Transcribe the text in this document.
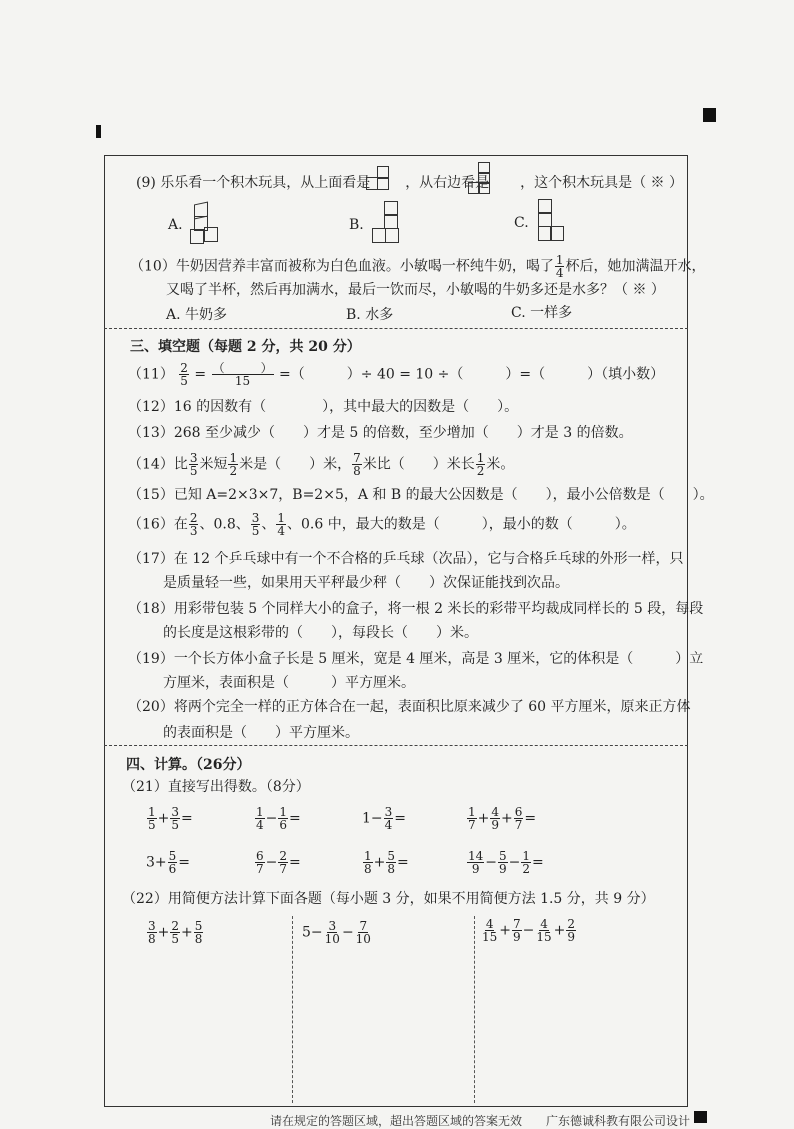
(9) 乐乐看一个积木玩具，从上面看是 ，从右边看是 ，这个积木玩具是（ ※ ）
A.	B.	C.
（10）牛奶因营养丰富而被称为白色血液。小敏喝一杯纯牛奶，喝了 $\frac{1}{4}$ 杯后，她加满温开水，
又喝了半杯，然后再加满水，最后一饮而尽，小敏喝的牛奶多还是水多？（ ※ ）
A. 牛奶多	B. 水多	C. 一样多
三、填空题（每题 2 分，共 20 分）
$(11) \frac{2}{5} = \frac{( )}{15}$ =（　　　）÷ 40 = 10 ÷（　　　）=（　　　）（填小数）
（12）16 的因数有（　　　　），其中最大的因数是（　　）。
（13）268 至少减少（　　）才是 5 的倍数，至少增加（　　）才是 3 的倍数。
（14）比 $\frac{3}{5}$ 米短 $\frac{1}{2}$ 米是（　　）米， $\frac{7}{8}$ 米比（　　）米长 $\frac{1}{2}$ 米。
（15）已知 A=2×3×7，B=2×5，A 和 B 的最大公因数是（　　），最小公倍数是（　　）。
（16）在 $\frac{2}{3}$ 、0.8、 $\frac{3}{5}$ 、 $\frac{1}{4}$ 、0.6 中，最大的数是（　　　），最小的数（　　　）。
（17）在 12 个乒乓球中有一个不合格的乒乓球（次品），它与合格乒乓球的外形一样，只
是质量轻一些，如果用天平秤最少秤（　　）次保证能找到次品。
（18）用彩带包装 5 个同样大小的盒子，将一根 2 米长的彩带平均裁成同样长的 5 段，每段
的长度是这根彩带的（　　），每段长（　　）米。
（19）一个长方体小盒子长是 5 厘米，宽是 4 厘米，高是 3 厘米，它的体积是（　　　）立
方厘米，表面积是（　　　）平方厘米。
（20）将两个完全一样的正方体合在一起，表面积比原来减少了 60 平方厘米，原来正方体
的表面积是（　　）平方厘米。
四、计算。（26分）
（21）直接写出得数。（8分）
$\frac{1}{5} + \frac{3}{5}$ =	$\frac{1}{4} - \frac{1}{6}$ =	$1- \frac{3}{4}$ =	$\frac{1}{7} + \frac{4}{9} + \frac{6}{7}$ =
$3+ \frac{5}{6}$ =	$\frac{6}{7} - \frac{2}{7}$ =	$\frac{1}{8} + \frac{5}{8}$ =	$\frac{14}{9} - \frac{5}{9} - \frac{1}{2}$ =
（22）用简便方法计算下面各题（每小题 3 分，如果不用简便方法 1.5 分，共 9 分）
$\frac{3}{8} + \frac{2}{5} + \frac{5}{8}$	$5- \frac{3}{10} - \frac{7}{10}$	$\frac{4}{15} + \frac{7}{9} - \frac{4}{15} + \frac{2}{9}$
请在规定的答题区域，超出答题区域的答案无效　　广东德诚科教有限公司设计
